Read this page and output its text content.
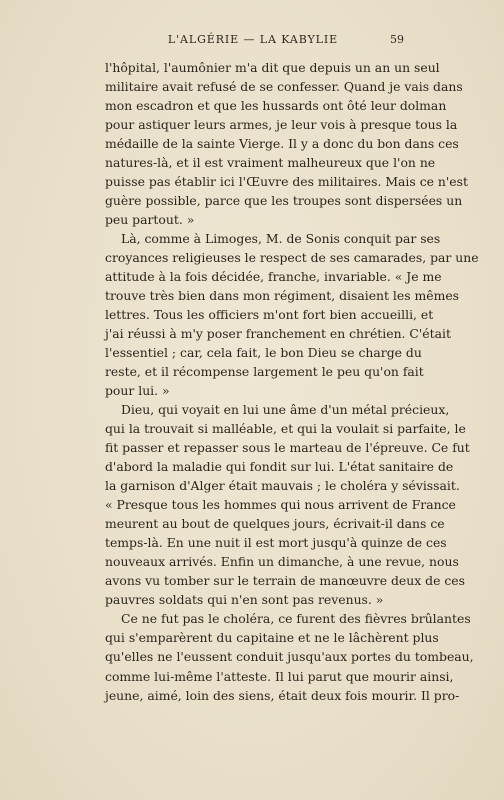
L'ALGÉRIE — LA KABYLIE	59
l'hôpital, l'aumônier m'a dit que depuis un an un seul
militaire avait refusé de se confesser. Quand je vais dans
mon escadron et que les hussards ont ôté leur dolman
pour astiquer leurs armes, je leur vois à presque tous la
médaille de la sainte Vierge. Il y a donc du bon dans ces
natures-là, et il est vraiment malheureux que l'on ne
puisse pas établir ici l'Œuvre des militaires. Mais ce n'est
guère possible, parce que les troupes sont dispersées un
peu partout. »
Là, comme à Limoges, M. de Sonis conquit par ses
croyances religieuses le respect de ses camarades, par une
attitude à la fois décidée, franche, invariable. « Je me
trouve très bien dans mon régiment, disaient les mêmes
lettres. Tous les officiers m'ont fort bien accueilli, et
j'ai réussi à m'y poser franchement en chrétien. C'était
l'essentiel ; car, cela fait, le bon Dieu se charge du
reste, et il récompense largement le peu qu'on fait
pour lui. »
Dieu, qui voyait en lui une âme d'un métal précieux,
qui la trouvait si malléable, et qui la voulait si parfaite, le
fit passer et repasser sous le marteau de l'épreuve. Ce fut
d'abord la maladie qui fondit sur lui. L'état sanitaire de
la garnison d'Alger était mauvais ; le choléra y sévissait.
« Presque tous les hommes qui nous arrivent de France
meurent au bout de quelques jours, écrivait-il dans ce
temps-là. En une nuit il est mort jusqu'à quinze de ces
nouveaux arrivés. Enfin un dimanche, à une revue, nous
avons vu tomber sur le terrain de manœuvre deux de ces
pauvres soldats qui n'en sont pas revenus. »
Ce ne fut pas le choléra, ce furent des fièvres brûlantes
qui s'emparèrent du capitaine et ne le lâchèrent plus
qu'elles ne l'eussent conduit jusqu'aux portes du tombeau,
comme lui-même l'atteste. Il lui parut que mourir ainsi,
jeune, aimé, loin des siens, était deux fois mourir. Il pro-
